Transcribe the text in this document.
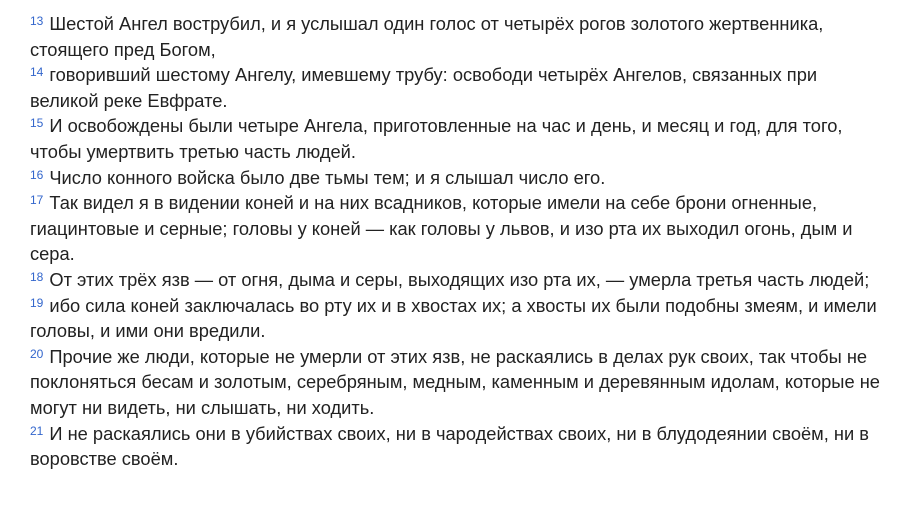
$^{13}$ Шестой Ангел вострубил, и я услышал один голос от четырёх рогов золотого жертвенника, стоящего пред Богом,

$^{14}$ говоривший шестому Ангелу, имевшему трубу: освободи четырёх Ангелов, связанных при великой реке Евфрате.

$^{15}$ И освобождены были четыре Ангела, приготовленные на час и день, и месяц и год, для того, чтобы умертвить третью часть людей.

$^{16}$ Число конного войска было две тьмы тем; и я слышал число его.

$^{17}$ Так видел я в видении коней и на них всадников, которые имели на себе брони огненные, гиацинтовые и серные; головы у коней — как головы у львов, и изо рта их выходил огонь, дым и сера.

$^{18}$ От этих трёх язв — от огня, дыма и серы, выходящих изо рта их, — умерла третья часть людей;

$^{19}$ ибо сила коней заключалась во рту их и в хвостах их; а хвосты их были подобны змеям, и имели головы, и ими они вредили.

$^{20}$ Прочие же люди, которые не умерли от этих язв, не раскаялись в делах рук своих, так чтобы не поклоняться бесам и золотым, серебряным, медным, каменным и деревянным идолам, которые не могут ни видеть, ни слышать, ни ходить.

$^{21}$ И не раскаялись они в убийствах своих, ни в чародействах своих, ни в блудодеянии своём, ни в воровстве своём.
